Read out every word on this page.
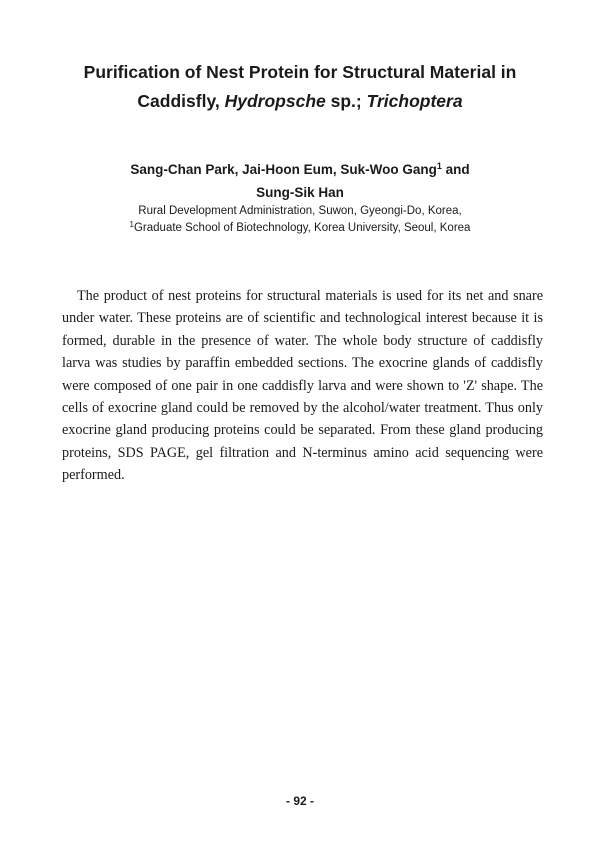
Purification of Nest Protein for Structural Material in
Caddisfly, Hydropsche sp.; Trichoptera
Sang-Chan Park, Jai-Hoon Eum, Suk-Woo Gang$^1$ and
Sung-Sik Han
Rural Development Administration, Suwon, Gyeongi-Do, Korea,
$^1$Graduate School of Biotechnology, Korea University, Seoul, Korea

The product of nest proteins for structural materials is used for its net and snare under water. These proteins are of scientific and technological interest because it is formed, durable in the presence of water. The whole body structure of caddisfly larva was studies by paraffin embedded sections. The exocrine glands of caddisfly were composed of one pair in one caddisfly larva and were shown to 'Z' shape. The cells of exocrine gland could be removed by the alcohol/water treatment. Thus only exocrine gland producing proteins could be separated. From these gland producing proteins, SDS PAGE, gel filtration and N-terminus amino acid sequencing were performed.

- 92 -
